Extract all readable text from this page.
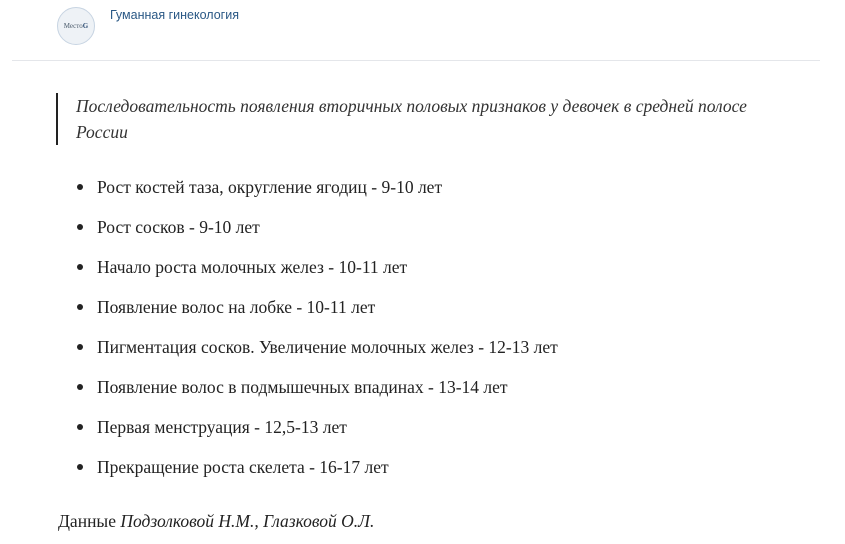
МестоG
Гуманная гинекология
Последовательность появления вторичных половых признаков у девочек в средней полосе России
Рост костей таза, округление ягодиц - 9-10 лет
Рост сосков - 9-10 лет
Начало роста молочных желез - 10-11 лет
Появление волос на лобке - 10-11 лет
Пигментация сосков. Увеличение молочных желез - 12-13 лет
Появление волос в подмышечных впадинах - 13-14 лет
Первая менструация - 12,5-13 лет
Прекращение роста скелета - 16-17 лет
Данные Подзолковой Н.М., Глазковой О.Л.
